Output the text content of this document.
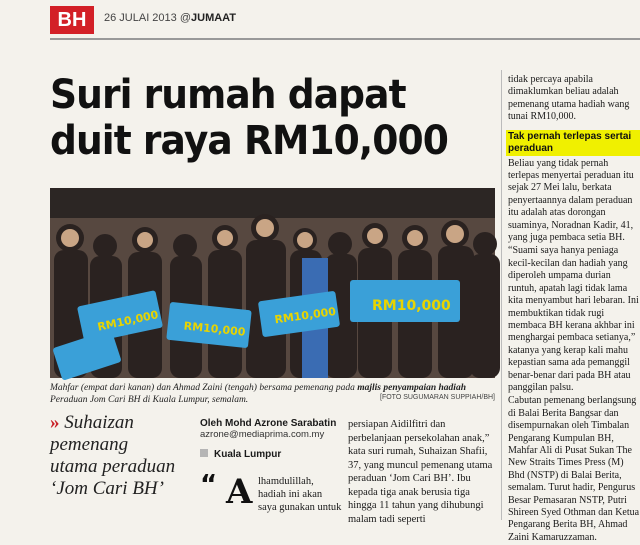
BH	26 JULAI 2013 @JUMAAT
Suri rumah dapat
duit raya RM10,000
RM10,000 RM10,000
RM10,000	RM10,000
Mahfar (empat dari kanan) dan Ahmad Zaini (tengah) bersama pemenang pada majlis penyampaian hadiah Peraduan Jom Cari BH di Kuala Lumpur, semalam.	[FOTO SUGUMARAN SUPPIAH/BH]
» Suhaizan pemenang utama peraduan ‘Jom Cari BH’
Oleh Mohd Azrone Sarabatin
azrone@mediaprima.com.my
Kuala Lumpur
“ A lhamdulillah, hadiah ini akan saya gunakan untuk
persiapan Aidilfitri dan perbelanjaan persekolahan anak,” kata suri rumah, Suhaizan Shafii, 37, yang muncul pemenang utama peraduan ‘Jom Cari BH’. Ibu kepada tiga anak berusia tiga hingga 11 tahun yang dihubungi malam tadi seperti

tidak percaya apabila dimaklumkan beliau adalah pemenang utama hadiah wang tunai RM10,000.

Tak pernah terlepas sertai peraduan

Beliau yang tidak pernah terlepas menyertai peraduan itu sejak 27 Mei lalu, berkata penyertaannya dalam peraduan itu adalah atas dorongan suaminya, Noradnan Kadir, 41, yang juga pembaca setia BH.

“Suami saya hanya peniaga kecil-kecilan dan hadiah yang diperoleh umpama durian runtuh, apatah lagi tidak lama kita menyambut hari lebaran. Ini membuktikan tidak rugi membaca BH kerana akhbar ini menghargai pembaca setianya,” katanya yang kerap kali mahu kepastian sama ada pemanggil benar-benar dari pada BH atau panggilan palsu.

Cabutan pemenang berlangsung di Balai Berita Bangsar dan disempurnakan oleh Timbalan Pengarang Kumpulan BH, Mahfar Ali di Pusat Sukan The New Straits Times Press (M) Bhd (NSTP) di Balai Berita, semalam. Turut hadir, Pengurus Besar Pemasaran NSTP, Putri Shireen Syed Othman dan Ketua Pengarang Berita BH, Ahmad Zaini Kamaruzzaman.
